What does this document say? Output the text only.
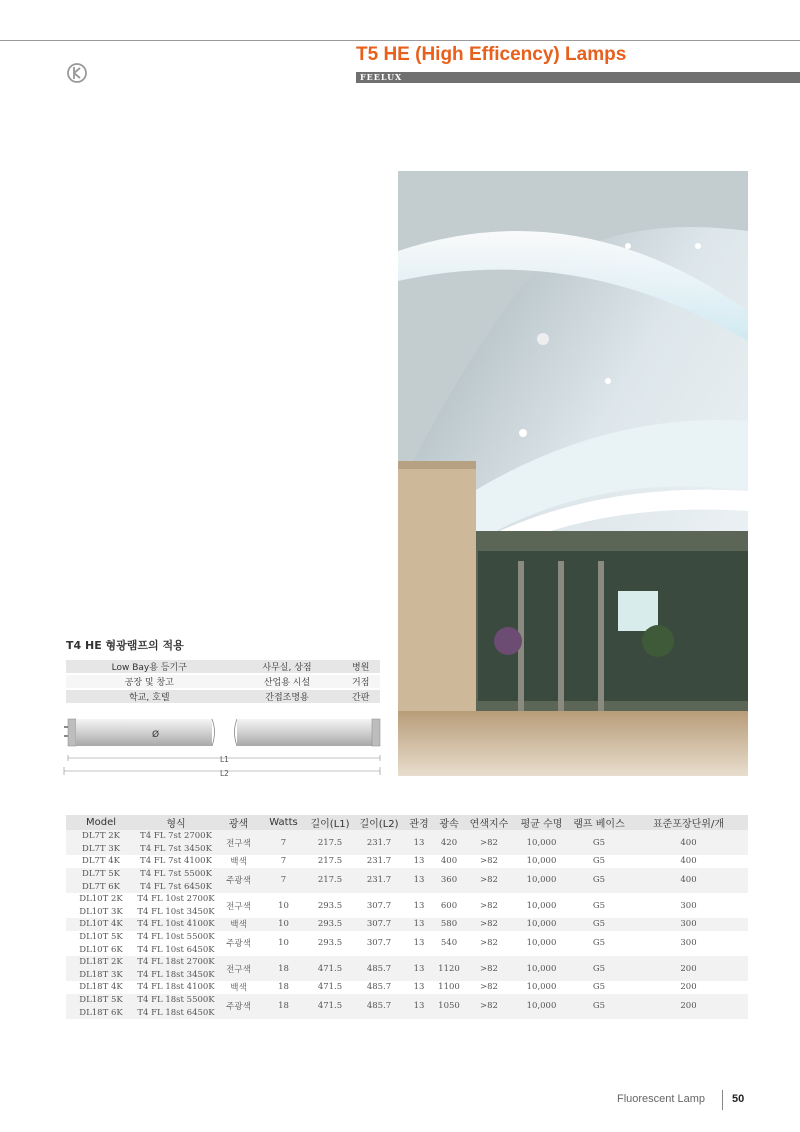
T5 HE (High Efficency) Lamps
FEELUX
T4 HE 형광램프의 적용
Low Bay용 등기구	사무실, 상점	병원
공장 및 창고	산업용 시설	거점
학교, 호텔	간접조명용	간판
Ø
L1
L2
Model	형식	광색	Watts	길이(L1)	길이(L2)	관경	광속	연색지수	평균 수명	램프 베이스	표준포장단위/개
DL7T 2K	T4 FL 7st 2700K	전구색	7	217.5	231.7	13	420	>82	10,000	G5	400
DL7T 3K	T4 FL 7st 3450K										
DL7T 4K	T4 FL 7st 4100K	백색	7	217.5	231.7	13	400	>82	10,000	G5	400
DL7T 5K	T4 FL 7st 5500K	주광색	7	217.5	231.7	13	360	>82	10,000	G5	400
DL7T 6K	T4 FL 7st 6450K										
DL10T 2K	T4 FL 10st 2700K	전구색	10	293.5	307.7	13	600	>82	10,000	G5	300
DL10T 3K	T4 FL 10st 3450K										
DL10T 4K	T4 FL 10st 4100K	백색	10	293.5	307.7	13	580	>82	10,000	G5	300
DL10T 5K	T4 FL 10st 5500K	주광색	10	293.5	307.7	13	540	>82	10,000	G5	300
DL10T 6K	T4 FL 10st 6450K										
DL18T 2K	T4 FL 18st 2700K	전구색	18	471.5	485.7	13	1120	>82	10,000	G5	200
DL18T 3K	T4 FL 18st 3450K										
DL18T 4K	T4 FL 18st 4100K	백색	18	471.5	485.7	13	1100	>82	10,000	G5	200
DL18T 5K	T4 FL 18st 5500K	주광색	18	471.5	485.7	13	1050	>82	10,000	G5	200
DL18T 6K	T4 FL 18st 6450K										
Fluorescent Lamp 50
